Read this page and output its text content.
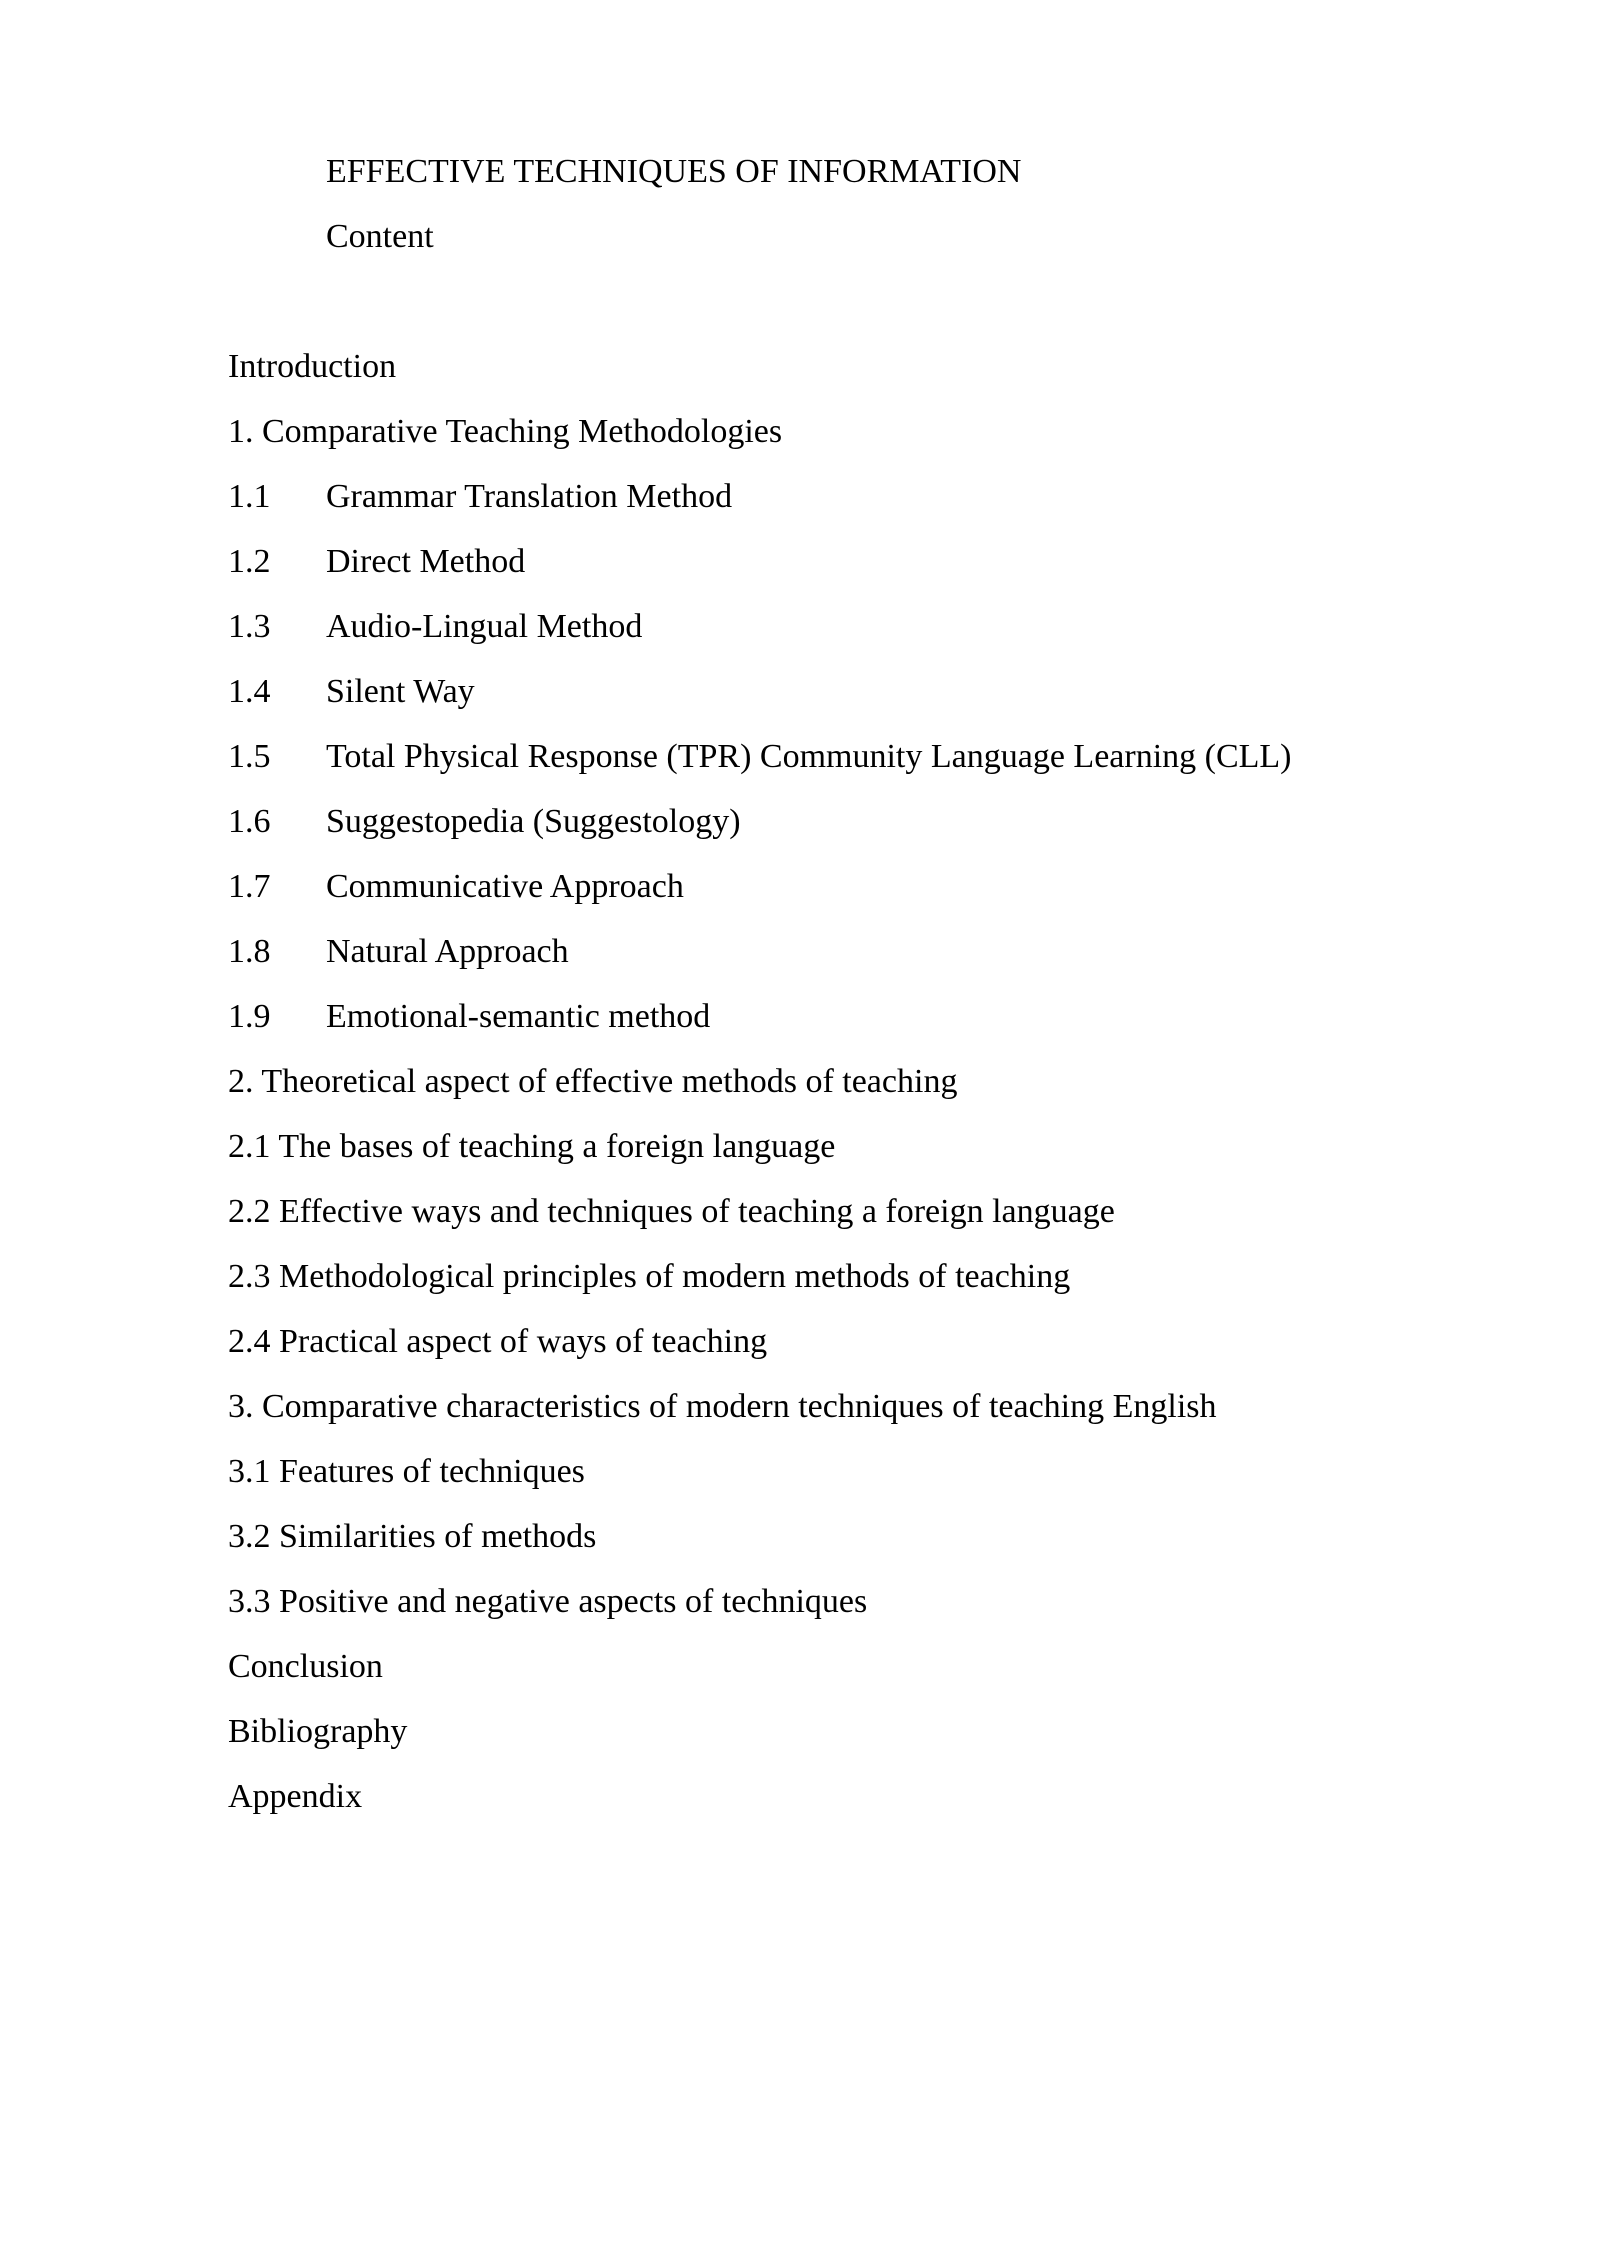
EFFECTIVE TECHNIQUES OF INFORMATION
Content
Introduction
1. Comparative Teaching Methodologies
1.1 Grammar Translation Method
1.2 Direct Method
1.3 Audio-Lingual Method
1.4 Silent Way
1.5 Total Physical Response (TPR) Community Language Learning (CLL)
1.6 Suggestopedia (Suggestology)
1.7 Communicative Approach
1.8 Natural Approach
1.9 Emotional-semantic method
2. Theoretical aspect of effective methods of teaching
2.1 The bases of teaching a foreign language
2.2 Effective ways and techniques of teaching a foreign language
2.3 Methodological principles of modern methods of teaching
2.4 Practical aspect of ways of teaching
3. Comparative characteristics of modern techniques of teaching English
3.1 Features of techniques
3.2 Similarities of methods
3.3 Positive and negative aspects of techniques
Conclusion
Bibliography
Appendix
